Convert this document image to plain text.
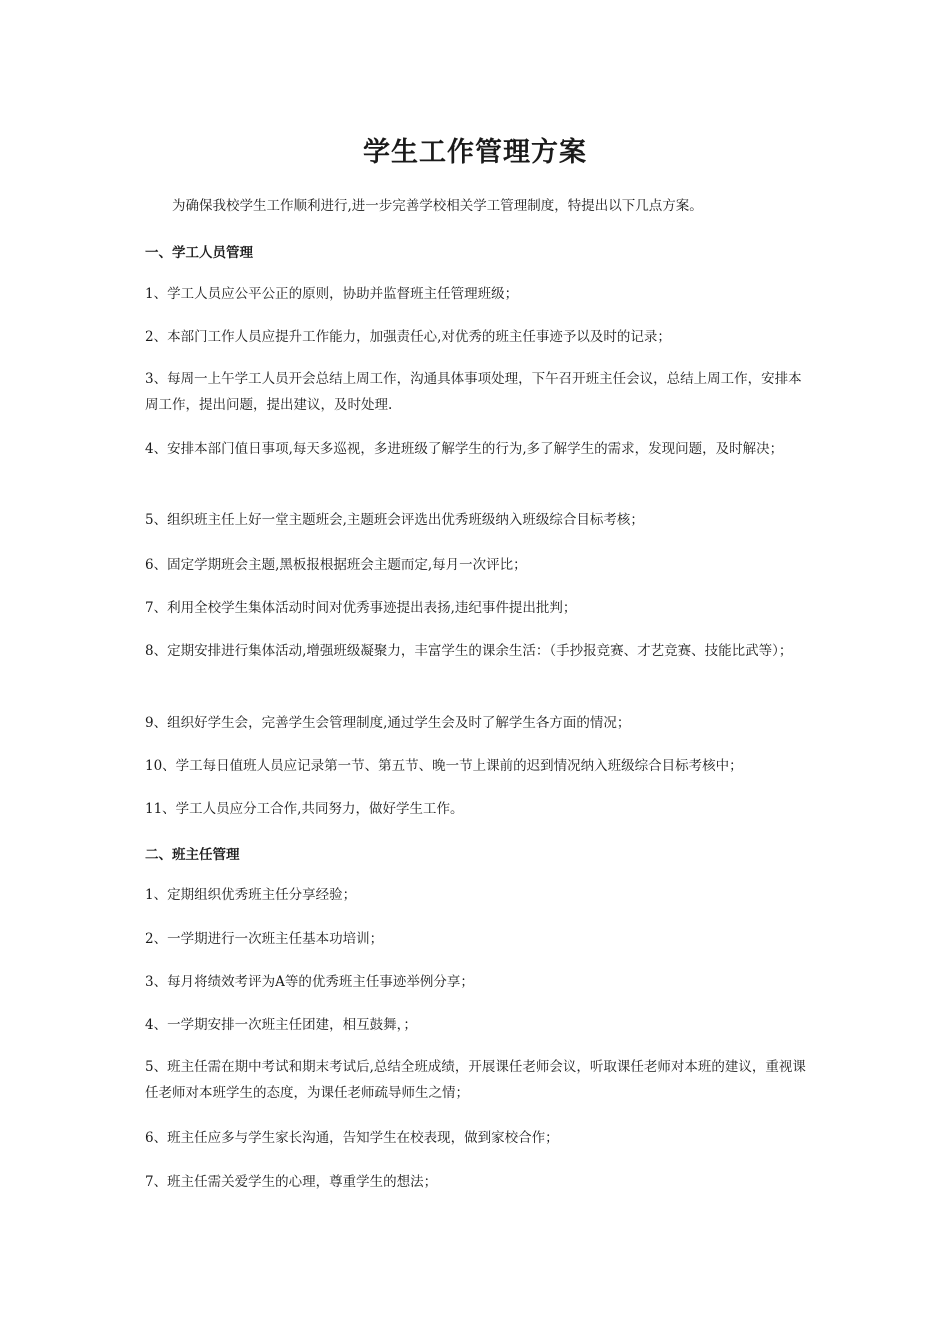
学生工作管理方案
为确保我校学生工作顺利进行,进一步完善学校相关学工管理制度，特提出以下几点方案。
一、学工人员管理
1、学工人员应公平公正的原则，协助并监督班主任管理班级；
2、本部门工作人员应提升工作能力，加强责任心,对优秀的班主任事迹予以及时的记录；
3、每周一上午学工人员开会总结上周工作，沟通具体事项处理，下午召开班主任会议，总结上周工作，安排本周工作，提出问题，提出建议，及时处理.
4、安排本部门值日事项,每天多巡视，多进班级了解学生的行为,多了解学生的需求，发现问题，及时解决；
5、组织班主任上好一堂主题班会,主题班会评选出优秀班级纳入班级综合目标考核；
6、固定学期班会主题,黑板报根据班会主题而定,每月一次评比；
7、利用全校学生集体活动时间对优秀事迹提出表扬,违纪事件提出批判；
8、定期安排进行集体活动,增强班级凝聚力，丰富学生的课余生活：（手抄报竞赛、才艺竞赛、技能比武等）；
9、组织好学生会，完善学生会管理制度,通过学生会及时了解学生各方面的情况；
10、学工每日值班人员应记录第一节、第五节、晚一节上课前的迟到情况纳入班级综合目标考核中；
11、学工人员应分工合作,共同努力，做好学生工作。
二、班主任管理
1、定期组织优秀班主任分享经验；
2、一学期进行一次班主任基本功培训；
3、每月将绩效考评为A等的优秀班主任事迹举例分享；
4、一学期安排一次班主任团建，相互鼓舞，；
5、班主任需在期中考试和期末考试后,总结全班成绩，开展课任老师会议，听取课任老师对本班的建议，重视课任老师对本班学生的态度，为课任老师疏导师生之情；
6、班主任应多与学生家长沟通，告知学生在校表现，做到家校合作；
7、班主任需关爱学生的心理，尊重学生的想法；
